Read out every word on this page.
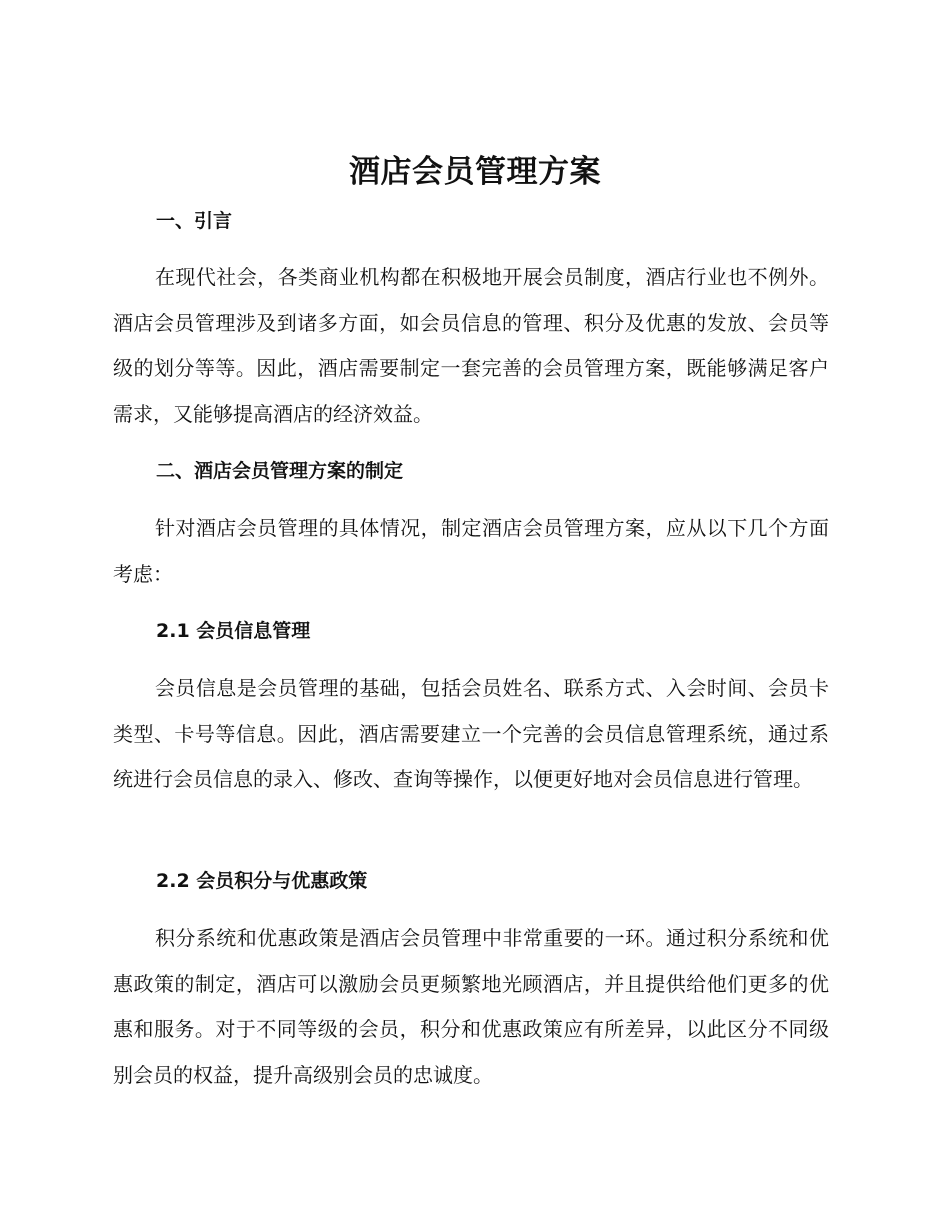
酒店会员管理方案
一、引言

在现代社会，各类商业机构都在积极地开展会员制度，酒店行业也不例外。酒店会员管理涉及到诸多方面，如会员信息的管理、积分及优惠的发放、会员等级的划分等等。因此，酒店需要制定一套完善的会员管理方案，既能够满足客户需求，又能够提高酒店的经济效益。

二、酒店会员管理方案的制定

针对酒店会员管理的具体情况，制定酒店会员管理方案，应从以下几个方面考虑：

2.1 会员信息管理

会员信息是会员管理的基础，包括会员姓名、联系方式、入会时间、会员卡类型、卡号等信息。因此，酒店需要建立一个完善的会员信息管理系统，通过系统进行会员信息的录入、修改、查询等操作，以便更好地对会员信息进行管理。

2.2 会员积分与优惠政策

积分系统和优惠政策是酒店会员管理中非常重要的一环。通过积分系统和优惠政策的制定，酒店可以激励会员更频繁地光顾酒店，并且提供给他们更多的优惠和服务。对于不同等级的会员，积分和优惠政策应有所差异，以此区分不同级别会员的权益，提升高级别会员的忠诚度。
